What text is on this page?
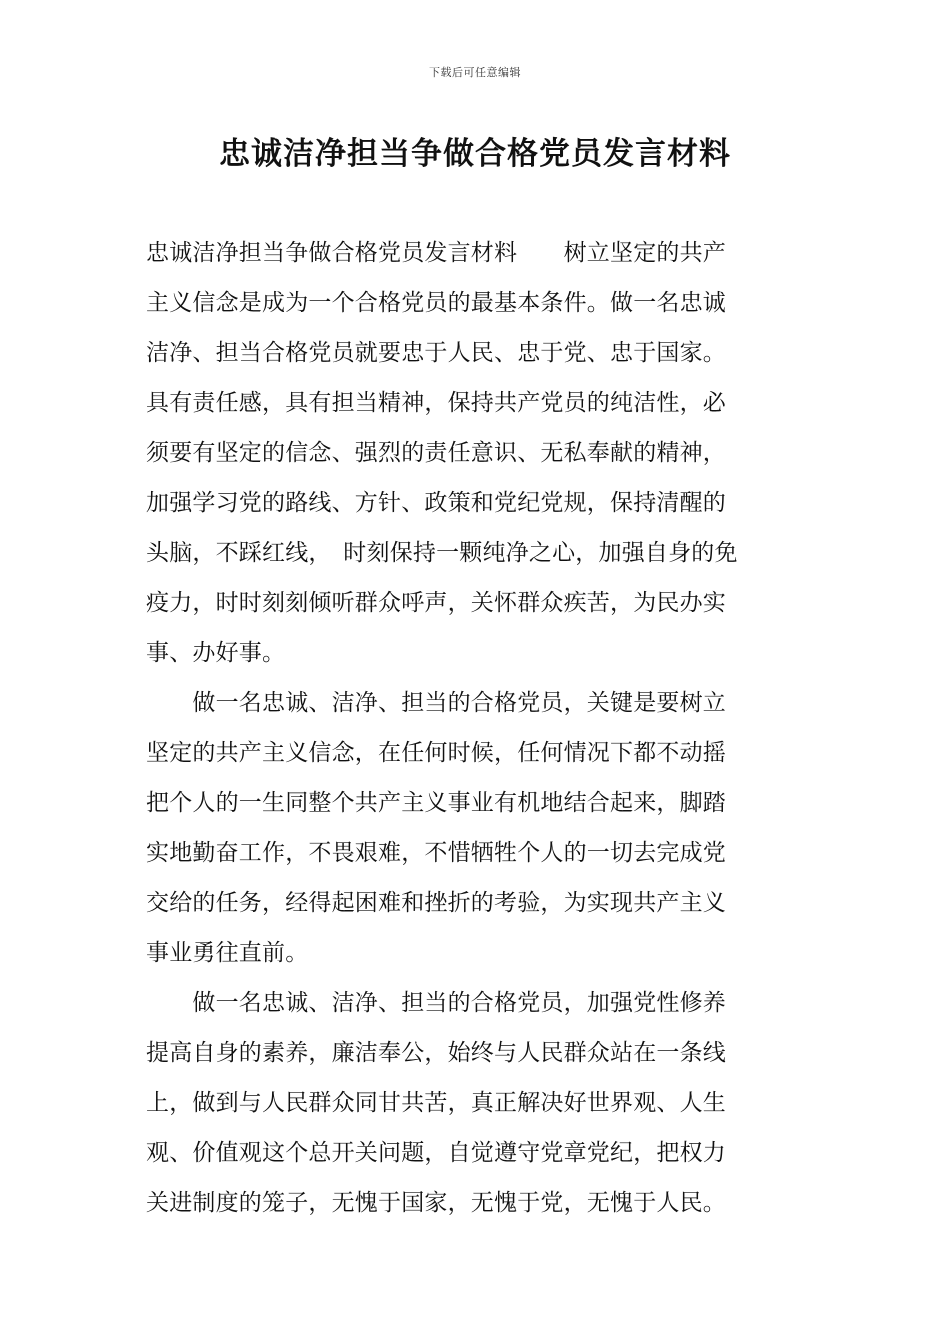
下载后可任意编辑
忠诚洁净担当争做合格党员发言材料
忠诚洁净担当争做合格党员发言材料　　树立坚定的共产
主义信念是成为一个合格党员的最基本条件。做一名忠诚
洁净、担当合格党员就要忠于人民、忠于党、忠于国家。
具有责任感，具有担当精神，保持共产党员的纯洁性，必
须要有坚定的信念、强烈的责任意识、无私奉献的精神，
加强学习党的路线、方针、政策和党纪党规，保持清醒的
头脑，不踩红线，　时刻保持一颗纯净之心，加强自身的免
疫力，时时刻刻倾听群众呼声，关怀群众疾苦，为民办实
事、办好事。
　　做一名忠诚、洁净、担当的合格党员，关键是要树立
坚定的共产主义信念，在任何时候，任何情况下都不动摇
把个人的一生同整个共产主义事业有机地结合起来，脚踏
实地勤奋工作，不畏艰难，不惜牺牲个人的一切去完成党
交给的任务，经得起困难和挫折的考验，为实现共产主义
事业勇往直前。
　　做一名忠诚、洁净、担当的合格党员，加强党性修养
提高自身的素养，廉洁奉公，始终与人民群众站在一条线
上，做到与人民群众同甘共苦，真正解决好世界观、人生
观、价值观这个总开关问题，自觉遵守党章党纪，把权力
关进制度的笼子，无愧于国家，无愧于党，无愧于人民。
